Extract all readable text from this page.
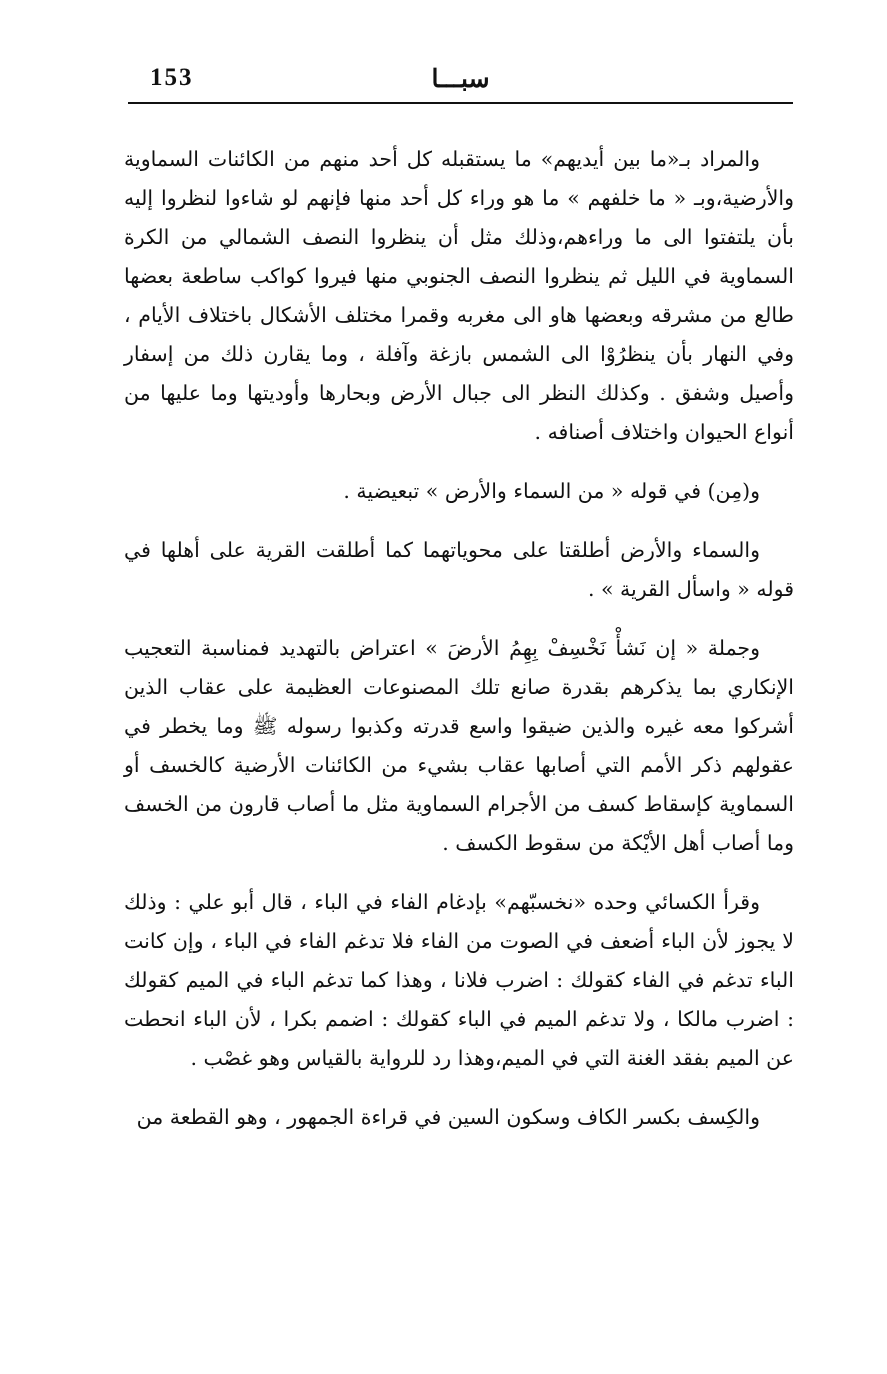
153	سبـــا

والمراد بـ«ما بين أيديهم» ما يستقبله كل أحد منهم من الكائنات السماوية والأرضية،وبـ « ما خلفهم » ما هو وراء كل أحد منها فإنهم لو شاءوا لنظروا إليه بأن يلتفتوا الى ما وراءهم،وذلك مثل أن ينظروا النصف الشمالي من الكرة السماوية في الليل ثم ينظروا النصف الجنوبي منها فيروا كواكب ساطعة بعضها طالع من مشرقه وبعضها هاو الى مغربه وقمرا مختلف الأشكال باختلاف الأيام ، وفي النهار بأن ينظرُوْا الى الشمس بازغة وآفلة ، وما يقارن ذلك من إسفار وأصيل وشفق . وكذلك النظر الى جبال الأرض وبحارها وأوديتها وما عليها من أنواع الحيوان واختلاف أصنافه .

و(مِن) في قوله « من السماء والأرض » تبعيضية .

والسماء والأرض أطلقتا على محوياتهما كما أطلقت القرية على أهلها في قوله « واسأل القرية » .

وجملة « إن نَشأْ نَخْسِفْ بِهِمُ الأرضَ » اعتراض بالتهديد فمناسبة التعجيب الإنكاري بما يذكرهم بقدرة صانع تلك المصنوعات العظيمة على عقاب الذين أشركوا معه غيره والذين ضيقوا واسع قدرته وكذبوا رسوله ﷺ وما يخطر في عقولهم ذكر الأمم التي أصابها عقاب بشيء من الكائنات الأرضية كالخسف أو السماوية كإسقاط كسف من الأجرام السماوية مثل ما أصاب قارون من الخسف وما أصاب أهل الأيْكة من سقوط الكسف .

وقرأ الكسائي وحده «نخسبّهم» بإدغام الفاء في الباء ، قال أبو علي : وذلك لا يجوز لأن الباء أضعف في الصوت من الفاء فلا تدغم الفاء في الباء ، وإن كانت الباء تدغم في الفاء كقولك : اضرب فلانا ، وهذا كما تدغم الباء في الميم كقولك : اضرب مالكا ، ولا تدغم الميم في الباء كقولك : اضمم بكرا ، لأن الباء انحطت عن الميم بفقد الغنة التي في الميم،وهذا رد للرواية بالقياس وهو غصْب .

والكِسف بكسر الكاف وسكون السين في قراءة الجمهور ، وهو القطعة من
